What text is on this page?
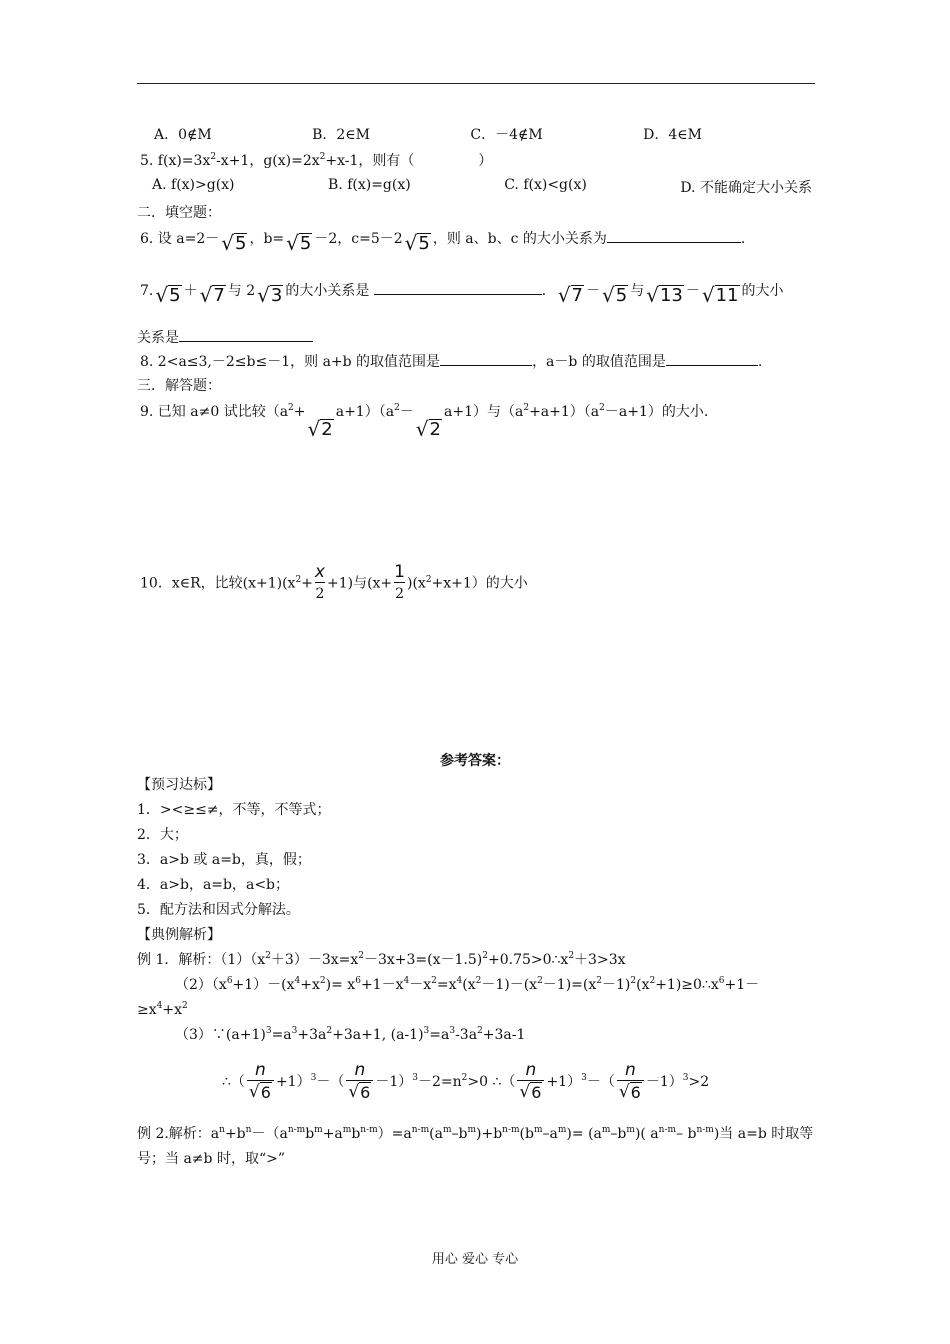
A．0∉M	B．2∈M	C．－4∉M	D．4∈M
5. $f(x)=3x^2-x+1$，$g(x)=2x^2+x-1$，则有（	）
A. f(x)>g(x)	B. f(x)=g(x)	C. f(x)<g(x)	D. 不能确定大小关系
二．填空题：
6. 设 a=2－ √ 5 ，b= √ 5 －2，c=5－2 √ 5 ，则 a、b、c 的大小关系为	.
7. √ 5 ＋ √ 7 与 2 √ 3 的大小关系是	． √ 7 － √ 5 与 √ 13 － √ 11 的大小
关系是
8. 2<a≤3,－2≤b≤－1，则 a+b 的取值范围是	，a－b 的取值范围是	.
三．解答题：
9. 已知 a≠0 试比较（$a^2+$
√ 2
$a+1)(a^2-$
√ 2
a+1）与$(a^2+a+1)(a^2-a+1)$的大小.
10．x∈R，比较$(x+1)(x^2+ \frac{x}{2} +1)$与$(x+ \frac{1}{2} )(x^2+x+1)$的大小
参考答案：
【预习达标】
1．><≥≤≠，不等，不等式；
2．大；
3．a>b 或 a=b，真，假；
4．a>b，a=b，a<b；
5．配方法和因式分解法。
【典例解析】
例 1．解析：$(1)(x^2+3)-3x=x^2-3x+3=(x-1.5)^2+0.75>0\therefore x^2+3>3x$
$(2)(x^6+1)-(x^4+x^2)=$ $x^6+1-x^4-x^2=x^4(x^2-1)-(x^2-1)=(x^2-1)^2(x^2+1)\ge 0\therefore x^6+1-$
$\ge x^4+x^2$
$(3)\because(a+1)^3=a^3+3a^2+3a+1$, $(a-1)^3=a^3-3a^2+3a-1$
∴（ $\frac{n}{√ 6} +1)^3-( \frac{n}{√ 6} -1)^3-2=n^2>0$ ∴（ $\frac{n}{√ 6} +1)^3-( \frac{n}{√ 6} -1)^3>2$
例 2.解析：$a^n+b^n-(a^{n-m}b^m+a^mb^{n-m})=a^{n-m}(a^m-b^m)+b^{n-m}(b^m-a^m)= (a^m-b^m)$( $a^{n-m}-$ $b^{n-m}$)当 a=b 时取等
号；当 a≠b 时，取“>”
用心 爱心 专心
